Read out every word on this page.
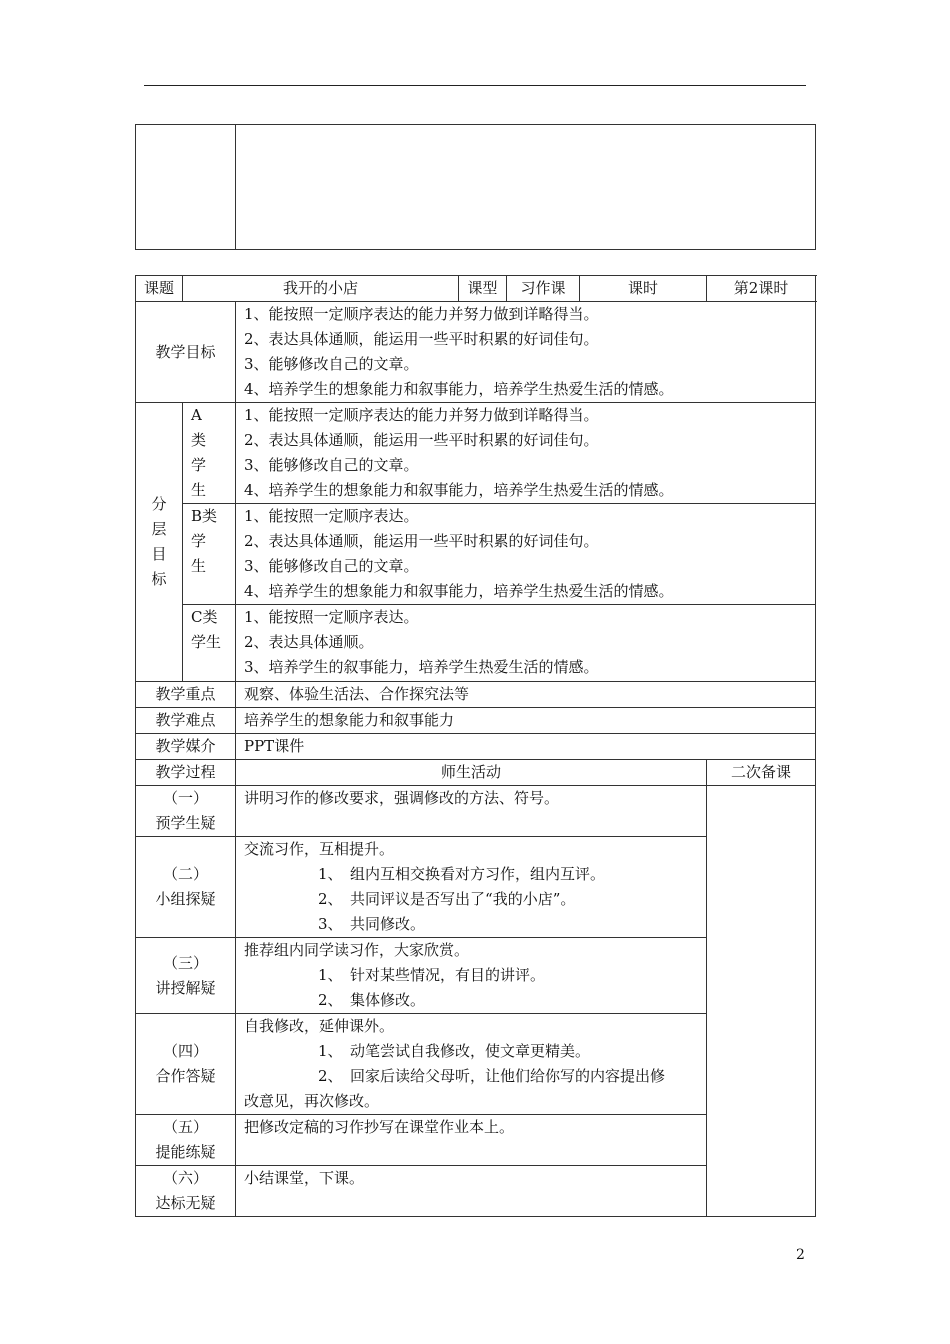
课题	我开的小店		课型	习作课	课时	第2课时
教学目标		1、能按照一定顺序表达的能力并努力做到详略得当。
2、表达具体通顺，能运用一些平时积累的好词佳句。
3、能够修改自己的文章。
4、培养学生的想象能力和叙事能力，培养学生热爱生活的情感。				

分
层
目
标	A
类
学
生	1、能按照一定顺序表达的能力并努力做到详略得当。
2、表达具体通顺，能运用一些平时积累的好词佳句。
3、能够修改自己的文章。
4、培养学生的想象能力和叙事能力，培养学生热爱生活的情感。				

	B类
学
生	1、能按照一定顺序表达。
2、表达具体通顺，能运用一些平时积累的好词佳句。
3、能够修改自己的文章。
4、培养学生的想象能力和叙事能力，培养学生热爱生活的情感。				

	C类
学生	1、能按照一定顺序表达。
2、表达具体通顺。
3、培养学生的叙事能力，培养学生热爱生活的情感。				

教学重点		观察、体验生活法、合作探究法等				
教学难点		培养学生的想象能力和叙事能力				
教学媒介		PPT课件				
教学过程		师生活动				二次备课

（一）
预学生疑		讲明习作的修改要求，强调修改的方法、符号。				

（二）
小组探疑		交流习作，互相提升。
1、　组内互相交换看对方习作，组内互评。
2、　共同评议是否写出了“我的小店”。
3、　共同修改。				

（三）
讲授解疑		推荐组内同学读习作，大家欣赏。
1、　针对某些情况，有目的讲评。
2、　集体修改。				

（四）
合作答疑		自我修改，延伸课外。
1、　动笔尝试自我修改，使文章更精美。
2、　回家后读给父母听，让他们给你写的内容提出修
改意见，再次修改。				

（五）
提能练疑		把修改定稿的习作抄写在课堂作业本上。				

（六）
达标无疑		小结课堂，下课。				
2
